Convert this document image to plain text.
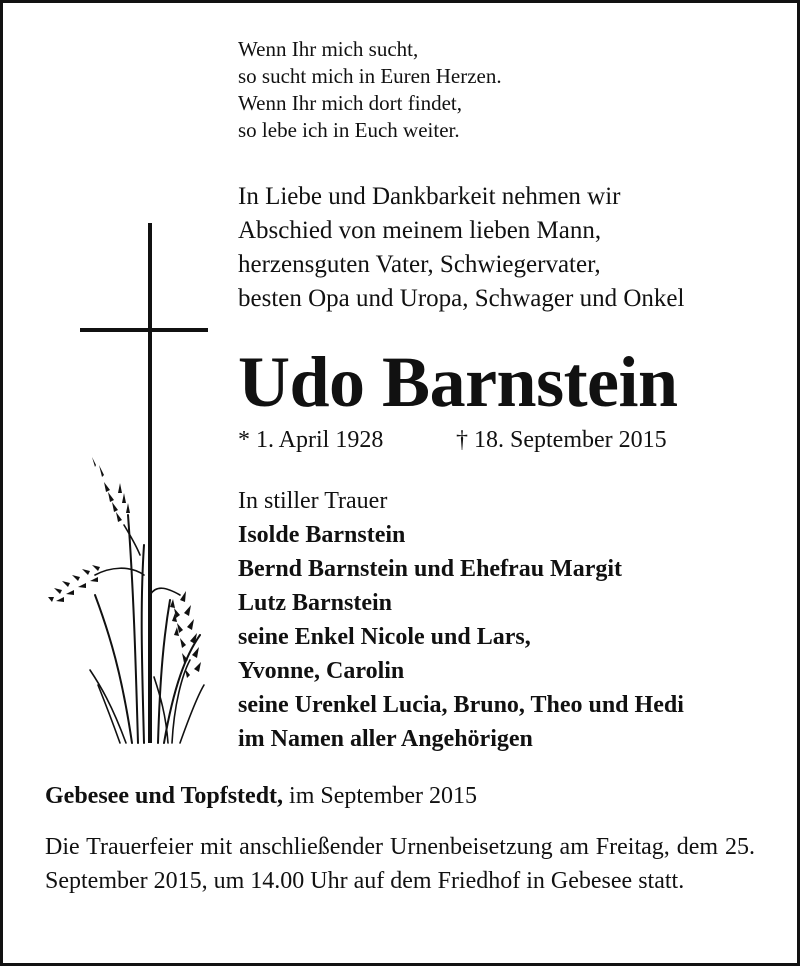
Wenn Ihr mich sucht,
so sucht mich in Euren Herzen.
Wenn Ihr mich dort findet,
so lebe ich in Euch weiter.
In Liebe und Dankbarkeit nehmen wir
Abschied von meinem lieben Mann,
herzensguten Vater, Schwiegervater,
besten Opa und Uropa, Schwager und Onkel
Udo Barnstein
* 1. April 1928	† 18. September 2015
In stiller Trauer
Isolde Barnstein
Bernd Barnstein und Ehefrau Margit
Lutz Barnstein
seine Enkel Nicole und Lars,
Yvonne, Carolin
seine Urenkel Lucia, Bruno, Theo und Hedi
im Namen aller Angehörigen

Gebesee und Topfstedt, im September 2015

Die Trauerfeier mit anschließender Urnenbeisetzung am Freitag, dem 25. September 2015, um 14.00 Uhr auf dem Friedhof in Gebesee statt.
